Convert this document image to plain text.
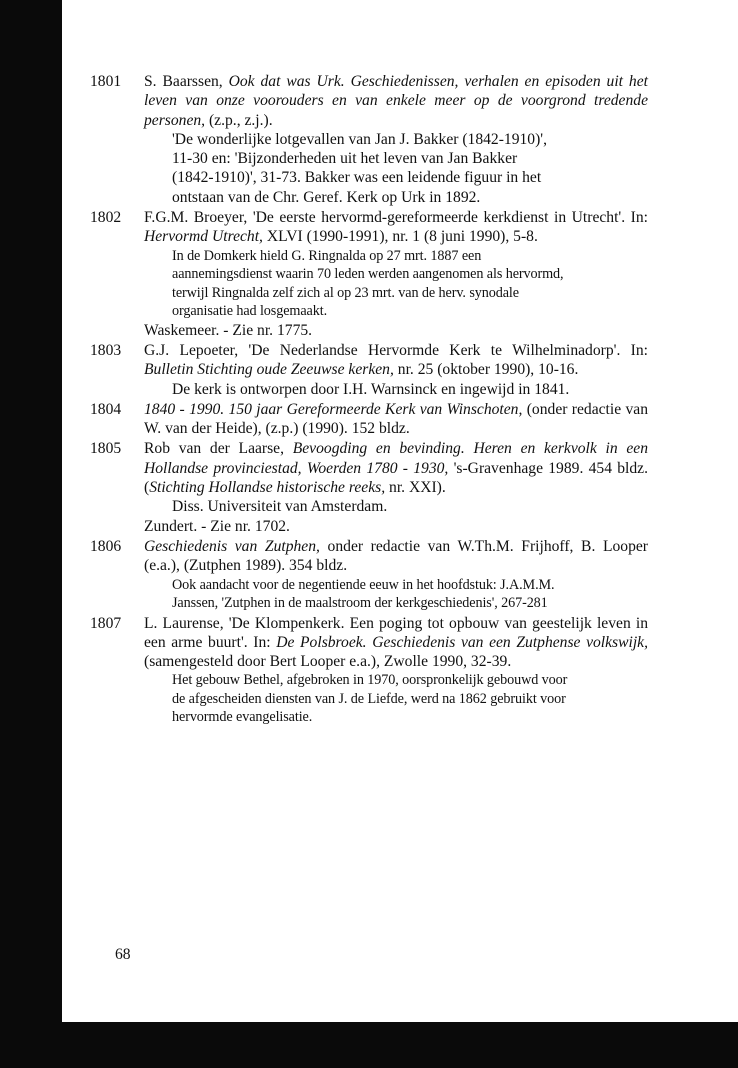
1801	S. Baarssen, Ook dat was Urk. Geschiedenissen, verhalen en episoden uit het leven van onze voorouders en van enkele meer op de voorgrond tredende personen, (z.p., z.j.).
'De wonderlijke lotgevallen van Jan J. Bakker (1842-1910)', 11-30 en: 'Bijzonderheden uit het leven van Jan Bakker (1842-1910)', 31-73. Bakker was een leidende figuur in het ontstaan van de Chr. Geref. Kerk op Urk in 1892.
1802	F.G.M. Broeyer, 'De eerste hervormd-gereformeerde kerkdienst in Utrecht'. In: Hervormd Utrecht, XLVI (1990-1991), nr. 1 (8 juni 1990), 5-8.
In de Domkerk hield G. Ringnalda op 27 mrt. 1887 een aannemingsdienst waarin 70 leden werden aangenomen als hervormd, terwijl Ringnalda zelf zich al op 23 mrt. van de herv. synodale organisatie had losgemaakt.
Waskemeer. - Zie nr. 1775.
1803	G.J. Lepoeter, 'De Nederlandse Hervormde Kerk te Wilhelminadorp'. In: Bulletin Stichting oude Zeeuwse kerken, nr. 25 (oktober 1990), 10-16.
De kerk is ontworpen door I.H. Warnsinck en ingewijd in 1841.
1804	1840 - 1990. 150 jaar Gereformeerde Kerk van Winschoten, (onder redactie van W. van der Heide), (z.p.) (1990). 152 bldz.
1805	Rob van der Laarse, Bevoogding en bevinding. Heren en kerkvolk in een Hollandse provinciestad, Woerden 1780 - 1930, 's-Gravenhage 1989. 454 bldz. (Stichting Hollandse historische reeks, nr. XXI).
Diss. Universiteit van Amsterdam.
Zundert. - Zie nr. 1702.
1806	Geschiedenis van Zutphen, onder redactie van W.Th.M. Frijhoff, B. Looper (e.a.), (Zutphen 1989). 354 bldz.
Ook aandacht voor de negentiende eeuw in het hoofdstuk: J.A.M.M. Janssen, 'Zutphen in de maalstroom der kerkgeschiedenis', 267-281
1807	L. Laurense, 'De Klompenkerk. Een poging tot opbouw van geestelijk leven in een arme buurt'. In: De Polsbroek. Geschiedenis van een Zutphense volkswijk, (samengesteld door Bert Looper e.a.), Zwolle 1990, 32-39.
Het gebouw Bethel, afgebroken in 1970, oorspronkelijk gebouwd voor de afgescheiden diensten van J. de Liefde, werd na 1862 gebruikt voor hervormde evangelisatie.
68
